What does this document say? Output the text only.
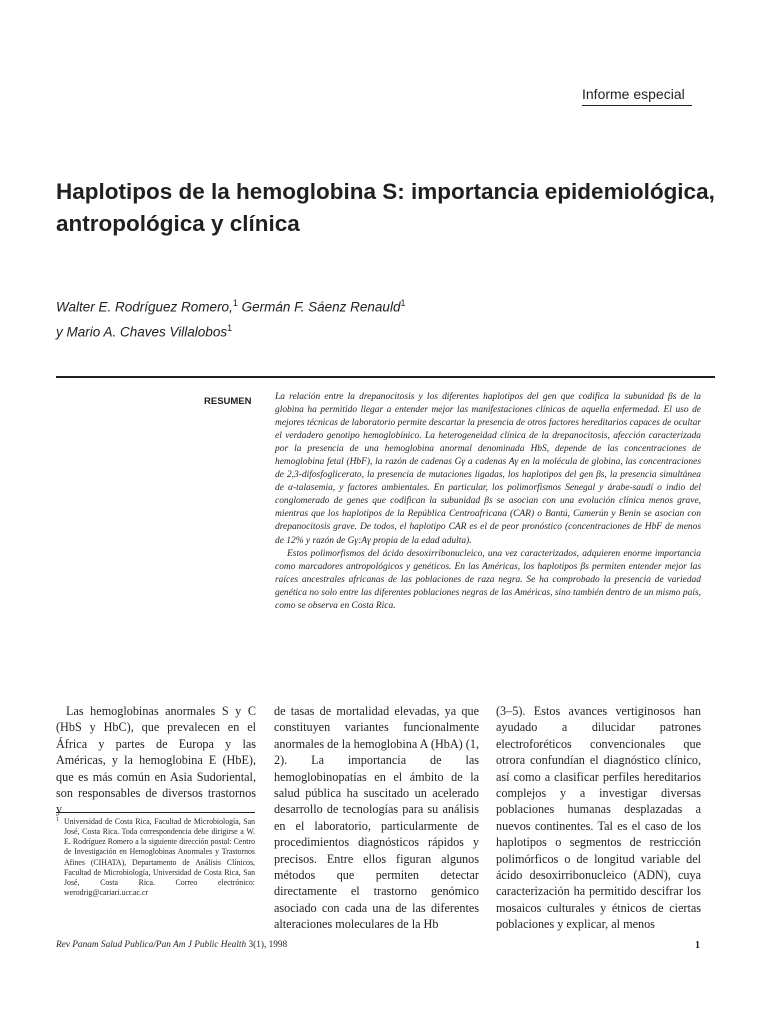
Informe especial
Haplotipos de la hemoglobina S: importancia epidemiológica, antropológica y clínica
Walter E. Rodríguez Romero,$^1$ Germán F. Sáenz Renauld$^1$
y Mario A. Chaves Villalobos$^1$
RESUMEN La relación entre la drepanocitosis y los diferentes haplotipos del gen que codifica la subunidad βs de la globina ha permitido llegar a entender mejor las manifestaciones clínicas de aquella enfermedad. El uso de mejores técnicas de laboratorio permite descartar la presencia de otros factores hereditarios capaces de ocultar el verdadero genotipo hemoglobínico. La heterogeneidad clínica de la drepanocitosis, afección caracterizada por la presencia de una hemoglobina anormal denominada HbS, depende de las concentraciones de hemoglobina fetal (HbF), la razón de cadenas Gγ a cadenas Aγ en la molécula de globina, las concentraciones de 2,3-difosfoglicerato, la presencia de mutaciones ligadas, los haplotipos del gen βs, la presencia simultánea de α-talasemia, y factores ambientales. En particular, los polimorfismos Senegal y árabe-saudí o indio del conglomerado de genes que codifican la subunidad βs se asocian con una evolución clínica menos grave, mientras que los haplotipos de la República Centroafricana (CAR) o Bantú, Camerún y Benin se asocian con drepanocitosis grave. De todos, el haplotipo CAR es el de peor pronóstico (concentraciones de HbF de menos de 12% y razón de Gγ:Aγ propia de la edad adulta).

Estos polimorfismos del ácido desoxirribonucleico, una vez caracterizados, adquieren enorme importancia como marcadores antropológicos y genéticos. En las Américas, los haplotipos βs permiten entender mejor las raíces ancestrales africanas de las poblaciones de raza negra. Se ha comprobado la presencia de variedad genética no solo entre las diferentes poblaciones negras de las Américas, sino también dentro de un mismo país, como se observa en Costa Rica.

Las hemoglobinas anormales S y C (HbS y HbC), que prevalecen en el África y partes de Europa y las Américas, y la hemoglobina E (HbE), que es más común en Asia Sudoriental, son responsables de diversos trastornos y

de tasas de mortalidad elevadas, ya que constituyen variantes funcionalmente anormales de la hemoglobina A (HbA) (1, 2). La importancia de las hemoglobinopatías en el ámbito de la salud pública ha suscitado un acelerado desarrollo de tecnologías para su análisis en el laboratorio, particularmente de procedimientos diagnósticos rápidos y precisos. Entre ellos figuran algunos métodos que permiten detectar directamente el trastorno genómico asociado con cada una de las diferentes alteraciones moleculares de la Hb

(3–5). Estos avances vertiginosos han ayudado a dilucidar patrones electroforéticos convencionales que otrora confundían el diagnóstico clínico, así como a clasificar perfiles hereditarios complejos y a investigar diversas poblaciones humanas desplazadas a nuevos continentes. Tal es el caso de los haplotipos o segmentos de restricción polimórficos o de longitud variable del ácido desoxirribonucleico (ADN), cuya caracterización ha permitido descifrar los mosaicos culturales y étnicos de ciertas poblaciones y explicar, al menos

1 Universidad de Costa Rica, Facultad de Microbiología, San José, Costa Rica. Toda correspondencia debe dirigirse a W. E. Rodríguez Romero a la siguiente dirección postal: Centro de Investigación en Hemoglobinas Anormales y Trastornos Afines (CIHATA), Departamento de Análisis Clínicos, Facultad de Microbiología, Universidad de Costa Rica, San José, Costa Rica. Correo electrónico: werodrig@cariari.ucr.ac.cr
Rev Panam Salud Publica/Pan Am J Public Health 3(1), 1998	1
